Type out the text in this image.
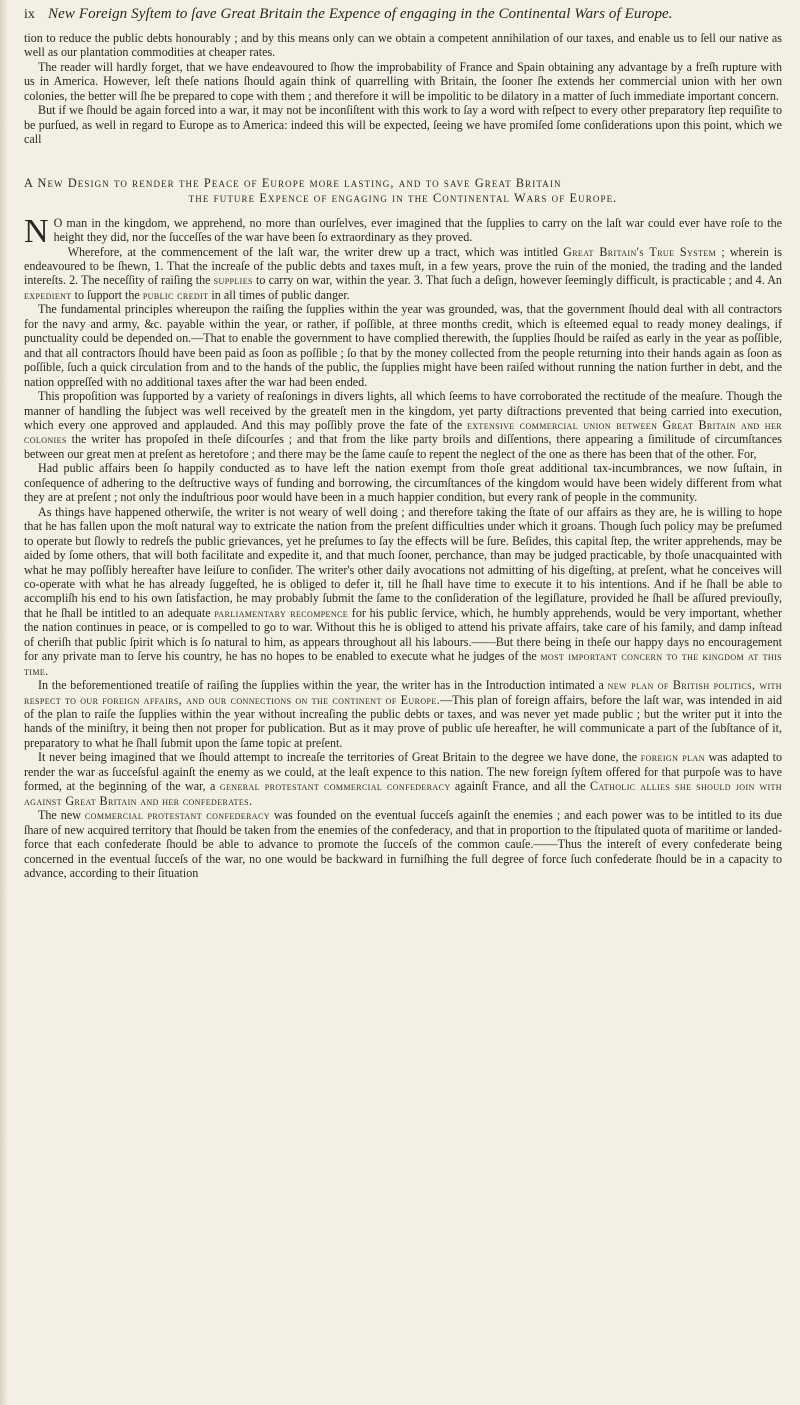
ix New Foreign Syſtem to ſave Great Britain the Expence of engaging in the Continental Wars of Europe.

tion to reduce the public debts honourably ; and by this means only can we obtain a competent annihilation of our taxes, and enable us to ſell our native as well as our plantation commodities at cheaper rates.

The reader will hardly forget, that we have endeavoured to ſhow the improbability of France and Spain obtaining any advantage by a freſh rupture with us in America. However, leſt theſe nations ſhould again think of quarrelling with Britain, the ſooner ſhe extends her commercial union with her own colonies, the better will ſhe be prepared to cope with them ; and therefore it will be impolitic to be dilatory in a matter of ſuch immediate important concern.

But if we ſhould be again forced into a war, it may not be inconſiſtent with this work to ſay a word with reſpect to every other preparatory ſtep requiſite to be purſued, as well in regard to Europe as to America: indeed this will be expected, ſeeing we have promiſed ſome conſiderations upon this point, which we call

A New Design to render the Peace of Europe more lasting, and to save Great Britain
the future Expence of engaging in the Continental Wars of Europe.

N O man in the kingdom, we apprehend, no more than ourſelves, ever imagined that the ſupplies to carry on the laſt war could ever have roſe to the height they did, nor the ſucceſſes of the war have been ſo extraordinary as they proved.

Wherefore, at the commencement of the laſt war, the writer drew up a tract, which was intitled Great Britain's True System ; wherein is endeavoured to be ſhewn, 1. That the increaſe of the public debts and taxes muſt, in a few years, prove the ruin of the monied, the trading and the landed intereſts. 2. The neceſſity of raiſing the supplies to carry on war, within the year. 3. That ſuch a deſign, however ſeemingly difficult, is practicable ; and 4. An expedient to ſupport the public credit in all times of public danger.

The fundamental principles whereupon the raiſing the ſupplies within the year was grounded, was, that the government ſhould deal with all contractors for the navy and army, &c. payable within the year, or rather, if poſſible, at three months credit, which is eſteemed equal to ready money dealings, if punctuality could be depended on.—That to enable the government to have complied therewith, the ſupplies ſhould be raiſed as early in the year as poſſible, and that all contractors ſhould have been paid as ſoon as poſſible ; ſo that by the money collected from the people returning into their hands again as ſoon as poſſible, ſuch a quick circulation from and to the hands of the public, the ſupplies might have been raiſed without running the nation further in debt, and the nation oppreſſed with no additional taxes after the war had been ended.

This propoſition was ſupported by a variety of reaſonings in divers lights, all which ſeems to have corroborated the rectitude of the meaſure. Though the manner of handling the ſubject was well received by the greateſt men in the kingdom, yet party diſtractions prevented that being carried into execution, which every one approved and applauded. And this may poſſibly prove the fate of the extensive commercial union between Great Britain and her colonies the writer has propoſed in theſe diſcourſes ; and that from the like party broils and diſſentions, there appearing a ſimilitude of circumſtances between our great men at preſent as heretofore ; and there may be the ſame cauſe to repent the neglect of the one as there has been that of the other. For,

Had public affairs been ſo happily conducted as to have left the nation exempt from thoſe great additional tax-incumbrances, we now ſuſtain, in conſequence of adhering to the deſtructive ways of funding and borrowing, the circumſtances of the kingdom would have been widely different from what they are at preſent ; not only the induſtrious poor would have been in a much happier condition, but every rank of people in the community.

As things have happened otherwiſe, the writer is not weary of well doing ; and therefore taking the ſtate of our affairs as they are, he is willing to hope that he has fallen upon the moſt natural way to extricate the nation from the preſent difficulties under which it groans. Though ſuch policy may be preſumed to operate but ſlowly to redreſs the public grievances, yet he preſumes to ſay the effects will be ſure. Beſides, this capital ſtep, the writer apprehends, may be aided by ſome others, that will both facilitate and expedite it, and that much ſooner, perchance, than may be judged practicable, by thoſe unacquainted with what he may poſſibly hereafter have leiſure to conſider. The writer's other daily avocations not admitting of his digeſting, at preſent, what he conceives will co-operate with what he has already ſuggeſted, he is obliged to defer it, till he ſhall have time to execute it to his intentions. And if he ſhall be able to accompliſh his end to his own ſatisfaction, he may probably ſubmit the ſame to the conſideration of the legiſlature, provided he ſhall be aſſured previouſly, that he ſhall be intitled to an adequate parliamentary recompence for his public ſervice, which, he humbly apprehends, would be very important, whether the nation continues in peace, or is compelled to go to war. Without this he is obliged to attend his private affairs, take care of his family, and damp inſtead of cheriſh that public ſpirit which is ſo natural to him, as appears throughout all his labours.——But there being in theſe our happy days no encouragement for any private man to ſerve his country, he has no hopes to be enabled to execute what he judges of the most important concern to the kingdom at this time.

In the beforementioned treatiſe of raiſing the ſupplies within the year, the writer has in the Introduction intimated a new plan of British politics, with respect to our foreign affairs, and our connections on the continent of Europe.—This plan of foreign affairs, before the laſt war, was intended in aid of the plan to raiſe the ſupplies within the year without increaſing the public debts or taxes, and was never yet made public ; but the writer put it into the hands of the miniſtry, it being then not proper for publication. But as it may prove of public uſe hereafter, he will communicate a part of the ſubſtance of it, preparatory to what he ſhall ſubmit upon the ſame topic at preſent.

It never being imagined that we ſhould attempt to increaſe the territories of Great Britain to the degree we have done, the foreign plan was adapted to render the war as ſucceſsful againſt the enemy as we could, at the leaſt expence to this nation. The new foreign ſyſtem offered for that purpoſe was to have formed, at the beginning of the war, a general protestant commercial confederacy againſt France, and all the Catholic allies she should join with against Great Britain and her confederates.

The new commercial protestant confederacy was founded on the eventual ſucceſs againſt the enemies ; and each power was to be intitled to its due ſhare of new acquired territory that ſhould be taken from the enemies of the confederacy, and that in proportion to the ſtipulated quota of maritime or landed-force that each confederate ſhould be able to advance to promote the ſucceſs of the common cauſe.——Thus the intereſt of every confederate being concerned in the eventual ſucceſs of the war, no one would be backward in furniſhing the full degree of force ſuch confederate ſhould be in a capacity to advance, according to their ſituation
